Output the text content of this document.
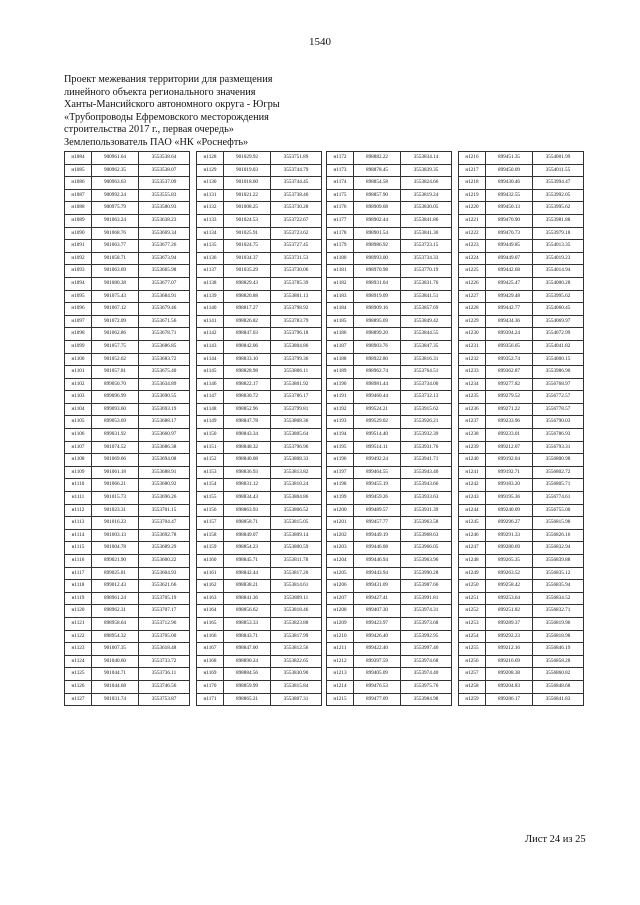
1540
Проект межевания территории для размещения
линейного объекта регионального значения
Ханты-Мансийского автономного округа - Югры
«Трубопроводы Ефремовского месторождения
строительства 2017 г., первая очередь»
Землепользователь ПАО «НК «Роснефть»
н1084	900961.64	3553538.64
н1085	900962.35	3553538.07
н1086	900963.63	3553537.09
н1087	900992.24	3553555.83
н1088	900975.79	3553580.93
н1089	901063.24	3553638.23
н1090	901068.76	3553669.34
н1091	901063.77	3553677.26
н1092	901058.71	3553673.94
н1093	901063.69	3553665.98
н1094	901080.38	3553677.07
н1095	901075.43	3553684.91
н1096	901067.12	3553679.46
н1097	901072.09	3553671.56
н1098	901062.86	3553678.71
н1099	901057.75	3553686.85
н1100	901052.62	3553683.72
н1101	901057.81	3553675.40
н1102	899050.70	3553634.89
н1103	899096.99	3553690.55
н1104	899093.60	3553693.19
н1105	899053.69	3553688.17
н1106	899031.92	3553660.97
н1107	901074.52	3553686.38
н1108	901069.66	3553694.08
н1109	901061.18	3553688.91
н1110	901066.21	3553680.92
н1111	901015.73	3553696.26
н1112	901023.31	3553701.15
н1113	901016.23	3553704.47
н1114	901003.13	3553692.78
н1115	901004.78	3553689.29
н1116	899021.90	3553600.22
н1117	899025.81	3553604.93
н1118	899012.43	3553621.66
н1119	898961.24	3553705.19
н1120	898962.31	3553707.17
н1121	898958.64	3553712.96
н1122	898954.32	3553705.00
н1123	901007.35	3553618.48
н1124	901040.60	3553733.72
н1125	901044.71	3553736.11
н1126	901044.68	3553746.56
н1127	901031.74	3553753.87
н1128	901029.92	3553751.89
н1129	901019.03	3553744.79
н1130	901018.60	3553744.45
н1131	901021.22	3553738.46
н1132	901008.25	3553730.28
н1133	901024.53	3553722.67
н1134	901025.91	3553723.62
н1135	901024.75	3553727.45
н1136	901034.37	3553731.53
н1137	901035.29	3553730.06
н1138	898829.43	3553785.39
н1139	898820.88	3553801.13
н1140	898817.27	3553798.92
н1141	898826.82	3553783.79
н1142	898847.03	3553796.18
н1143	898842.06	3553804.86
н1144	898833.10	3553799.36
н1145	898828.98	3553806.11
н1146	898822.17	3553801.92
н1147	898830.72	3553786.17
н1148	898852.96	3553799.81
н1149	898847.78	3553808.36
н1150	898843.34	3553805.64
н1151	898848.32	3553796.96
н1152	898840.08	3553808.33
н1153	898836.93	3553813.82
н1154	898831.12	3553810.24
н1155	898834.43	3553804.86
н1156	898863.93	3553806.52
н1157	898858.71	3553815.05
н1158	898849.07	3553809.14
н1159	898854.23	3553800.59
н1160	898845.71	3553811.78
н1161	898842.44	3553817.20
н1162	898838.21	3553814.61
н1163	898841.36	3553809.11
н1164	898856.62	3553818.46
н1165	898853.33	3553823.88
н1166	898843.71	3553817.99
н1167	898847.00	3553812.56
н1168	898890.24	3553822.65
н1169	898884.56	3553830.90
н1170	898859.99	3553815.84
н1171	898865.21	3553807.31
н1172	898882.22	3553834.14
н1173	898878.45	3553839.35
н1174	898854.58	3553824.66
н1175	898857.90	3553819.24
н1176	898909.68	3553830.05
н1177	898902.44	3553841.86
н1178	898901.54	3553841.30
н1179	898986.92	3553723.15
н1180	898993.00	3553734.33
н1181	898970.98	3553770.19
н1182	898931.04	3553831.76
н1183	898919.09	3553841.51
н1184	898909.16	3553857.69
н1185	898895.69	3553849.42
н1186	898899.20	3553844.55
н1187	898903.76	3553847.35
н1188	898922.80	3553816.31
н1189	898962.74	3553764.51
н1190	898981.44	3553734.00
н1191	899460.44	3553732.13
н1192	899524.21	3553915.62
н1193	899529.02	3553926.21
н1194	899514.40	3553932.39
н1195	899514.11	3553931.76
н1196	899492.24	3553941.71
н1197	899464.55	3553943.40
н1198	899455.19	3553943.66
н1199	899459.26	3553933.63
н1200	899489.57	3553931.39
н1201	899457.77	3553963.58
н1202	899449.19	3553968.63
н1203	899446.08	3553966.05
н1204	899446.94	3553963.96
н1205	899443.94	3553990.28
н1206	899431.09	3553987.66
н1207	899427.41	3553991.81
н1208	899407.30	3553974.31
н1209	899423.97	3553973.68
н1210	899426.40	3553992.95
н1211	899422.40	3553997.46
н1212	899397.59	3553974.68
н1213	899405.09	3553974.40
н1214	899476.53	3553975.76
н1215	899477.09	3553984.98
н1216	899451.35	3554001.99
н1217	899450.09	3554011.55
н1218	899430.46	3553994.47
н1219	899432.55	3553992.05
н1220	899450.13	3553995.62
н1221	899470.90	3553981.88
н1222	899470.73	3553979.18
н1223	899449.85	3554013.35
н1224	899449.07	3554019.23
н1225	899442.68	3554014.94
н1226	899425.47	3554000.28
н1227	899429.48	3553995.62
н1228	899442.77	3554060.45
н1229	899434.36	3554069.97
н1230	899394.24	3554072.99
н1231	899356.65	3554041.82
н1232	899352.74	3554000.15
н1233	899362.87	3553986.90
н1234	899277.82	3556768.97
н1235	899279.52	3556772.57
н1236	899271.22	3556778.57
н1237	899233.96	3556790.03
н1238	899233.01	3556786.93
н1239	899212.07	3556793.31
н1240	899192.04	3556800.98
н1241	899192.71	3556802.72
н1242	899183.20	3556805.71
н1243	899195.36	3556774.61
н1244	899240.09	3556755.00
н1245	899296.27	3556815.98
н1246	899291.33	3556826.16
н1247	899280.69	3556832.94
н1248	899265.35	3556839.88
н1249	899263.52	3556835.12
н1250	899258.42	3556835.94
н1251	899253.64	3556834.52
н1252	899251.82	3556832.71
н1253	899289.37	3556819.96
н1254	899292.23	3556818.98
н1255	899212.16	3556846.19
н1256	899216.69	3556858.28
н1257	899208.38	3556860.82
н1258	899204.83	3556848.68
н1259	899286.17	3556841.83
Лист 24 из 25
